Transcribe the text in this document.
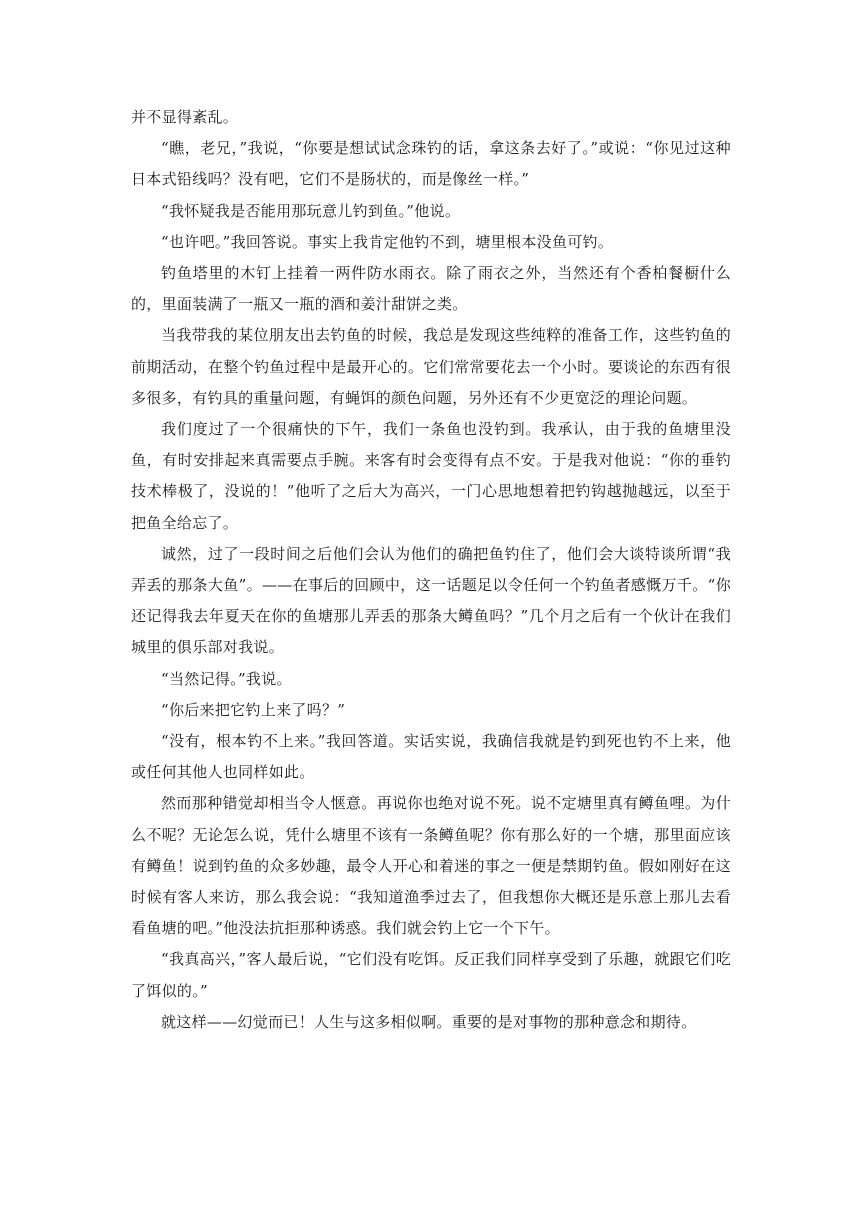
并不显得紊乱。

“瞧，老兄，”我说，“你要是想试试念珠钓的话，拿这条去好了。”或说：“你见过这种日本式铅线吗？没有吧，它们不是肠状的，而是像丝一样。”

“我怀疑我是否能用那玩意儿钓到鱼。”他说。

“也许吧。”我回答说。事实上我肯定他钓不到，塘里根本没鱼可钓。

钓鱼塔里的木钉上挂着一两件防水雨衣。除了雨衣之外，当然还有个香柏餐橱什么的，里面装满了一瓶又一瓶的酒和姜汁甜饼之类。

当我带我的某位朋友出去钓鱼的时候，我总是发现这些纯粹的准备工作，这些钓鱼的前期活动，在整个钓鱼过程中是最开心的。它们常常要花去一个小时。要谈论的东西有很多很多，有钓具的重量问题，有蝇饵的颜色问题，另外还有不少更宽泛的理论问题。

我们度过了一个很痛快的下午，我们一条鱼也没钓到。我承认，由于我的鱼塘里没鱼，有时安排起来真需要点手腕。来客有时会变得有点不安。于是我对他说：“你的垂钓技术棒极了，没说的！”他听了之后大为高兴，一门心思地想着把钓钩越抛越远，以至于把鱼全给忘了。

诚然，过了一段时间之后他们会认为他们的确把鱼钓住了，他们会大谈特谈所谓“我弄丢的那条大鱼”。——在事后的回顾中，这一话题足以令任何一个钓鱼者感慨万千。“你还记得我去年夏天在你的鱼塘那儿弄丢的那条大鳟鱼吗？”几个月之后有一个伙计在我们城里的俱乐部对我说。

“当然记得。”我说。

“你后来把它钓上来了吗？”

“没有，根本钓不上来。”我回答道。实话实说，我确信我就是钓到死也钓不上来，他或任何其他人也同样如此。

然而那种错觉却相当令人惬意。再说你也绝对说不死。说不定塘里真有鳟鱼哩。为什么不呢？无论怎么说，凭什么塘里不该有一条鳟鱼呢？你有那么好的一个塘，那里面应该有鳟鱼！说到钓鱼的众多妙趣，最令人开心和着迷的事之一便是禁期钓鱼。假如刚好在这时候有客人来访，那么我会说：“我知道渔季过去了，但我想你大概还是乐意上那儿去看看鱼塘的吧。”他没法抗拒那种诱惑。我们就会钓上它一个下午。

“我真高兴，”客人最后说，“它们没有吃饵。反正我们同样享受到了乐趣，就跟它们吃了饵似的。”

就这样——幻觉而已！人生与这多相似啊。重要的是对事物的那种意念和期待。
